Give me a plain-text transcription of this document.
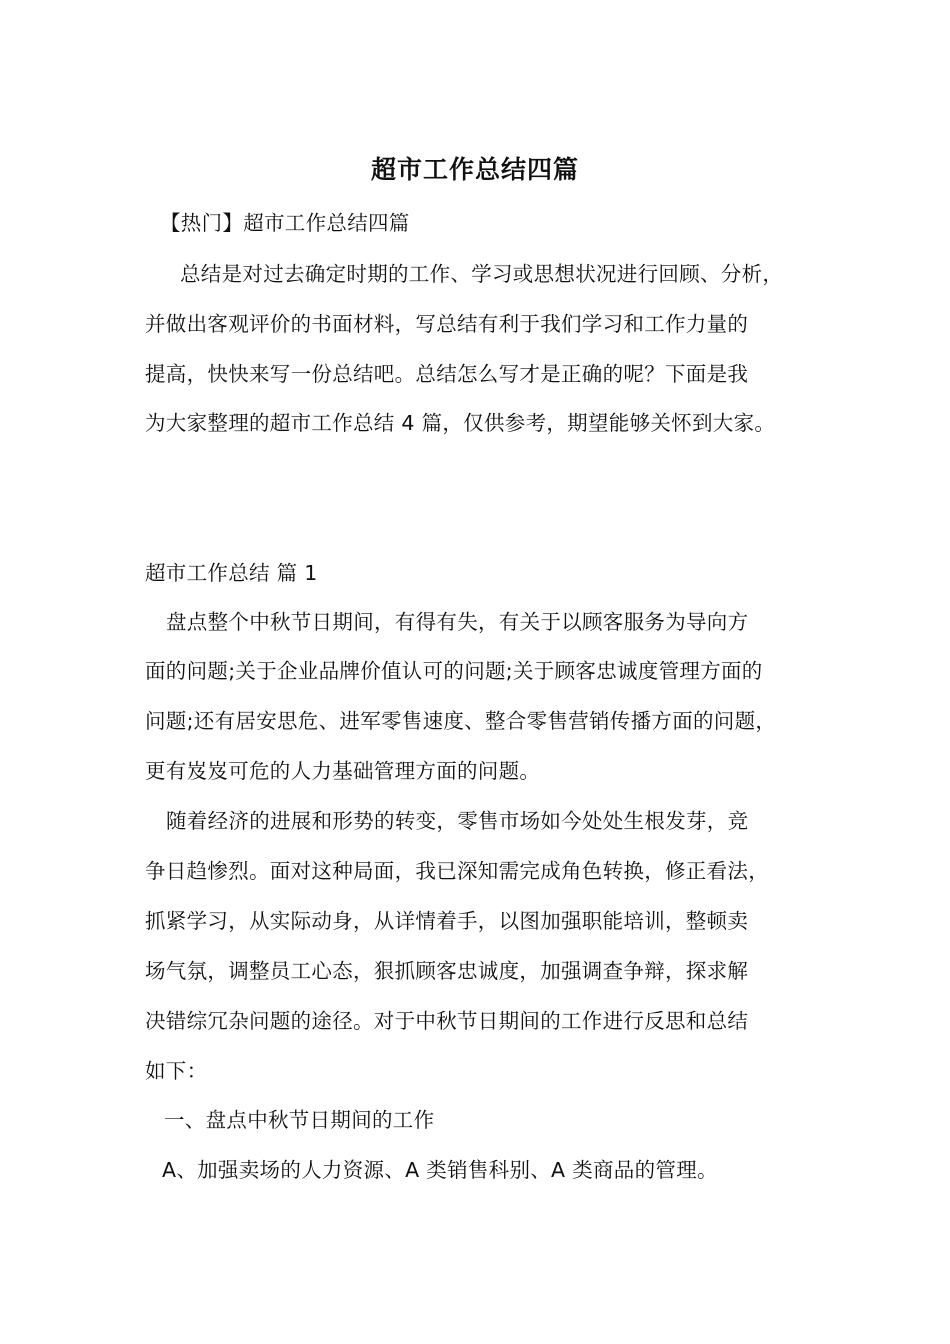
超市工作总结四篇
【热门】超市工作总结四篇
总结是对过去确定时期的工作、学习或思想状况进行回顾、分析，
并做出客观评价的书面材料，写总结有利于我们学习和工作力量的
提高，快快来写一份总结吧。总结怎么写才是正确的呢？下面是我
为大家整理的超市工作总结 4 篇，仅供参考，期望能够关怀到大家。
超市工作总结 篇 1
盘点整个中秋节日期间，有得有失，有关于以顾客服务为导向方
面的问题;关于企业品牌价值认可的问题;关于顾客忠诚度管理方面的
问题;还有居安思危、进军零售速度、整合零售营销传播方面的问题，
更有岌岌可危的人力基础管理方面的问题。
随着经济的进展和形势的转变，零售市场如今处处生根发芽，竞
争日趋惨烈。面对这种局面，我已深知需完成角色转换，修正看法，
抓紧学习，从实际动身，从详情着手，以图加强职能培训，整顿卖
场气氛，调整员工心态，狠抓顾客忠诚度，加强调查争辩，探求解
决错综冗杂问题的途径。对于中秋节日期间的工作进行反思和总结
如下：
一、盘点中秋节日期间的工作
A、加强卖场的人力资源、A 类销售科别、A 类商品的管理。
